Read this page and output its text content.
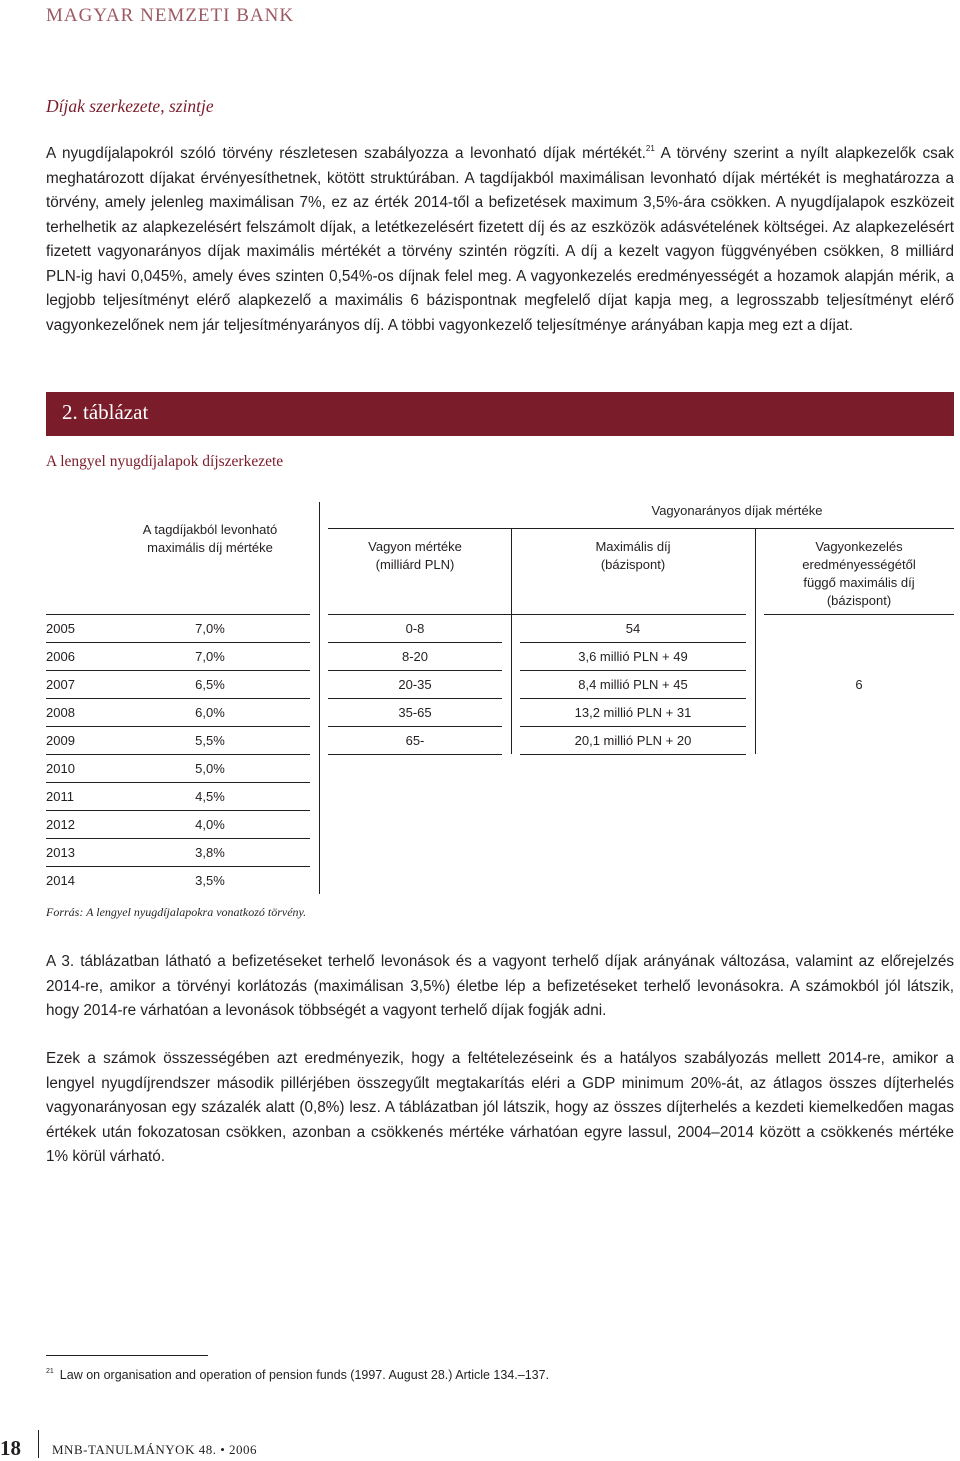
MAGYAR NEMZETI BANK
Díjak szerkezete, szintje

A nyugdíjalapokról szóló törvény részletesen szabályozza a levonható díjak mértékét.$^{21}$ A törvény szerint a nyílt alapkezelők csak meghatározott díjakat érvényesíthetnek, kötött struktúrában. A tagdíjakból maximálisan levonható díjak mértékét is meghatározza a törvény, amely jelenleg maximálisan 7%, ez az érték 2014-től a befizetések maximum 3,5%-ára csökken. A nyugdíjalapok eszközeit terhelhetik az alapkezelésért felszámolt díjak, a letétkezelésért fizetett díj és az eszközök adásvételének költségei. Az alapkezelésért fizetett vagyonarányos díjak maximális mértékét a törvény szintén rögzíti. A díj a kezelt vagyon függvényében csökken, 8 milliárd PLN-ig havi 0,045%, amely éves szinten 0,54%-os díjnak felel meg. A vagyonkezelés eredményességét a hozamok alapján mérik, a legjobb teljesítményt elérő alapkezelő a maximális 6 bázispontnak megfelelő díjat kapja meg, a legrosszabb teljesítményt elérő vagyonkezelőnek nem jár teljesítményarányos díj. A többi vagyonkezelő teljesítménye arányában kapja meg ezt a díjat.

2. táblázat
A lengyel nyugdíjalapok díjszerkezete
Vagyonarányos díjak mértéke
A tagdíjakból levonható
maximális díj mértéke	Vagyon mértéke
(milliárd PLN)
Maximális díj
(bázispont)
Vagyonkezelés
eredményességétől
függő maximális díj
(bázispont)
2005	7,0%	0-8	54
2006	7,0%	8-20	3,6 millió PLN + 49
2007	6,5%	20-35	8,4 millió PLN + 45	6
2008	6,0%	35-65	13,2 millió PLN + 31
2009	5,5%	65-	20,1 millió PLN + 20
2010	5,0%
2011	4,5%
2012	4,0%
2013	3,8%
2014	3,5%
Forrás: A lengyel nyugdíjalapokra vonatkozó törvény.

A 3. táblázatban látható a befizetéseket terhelő levonások és a vagyont terhelő díjak arányának változása, valamint az előrejelzés 2014-re, amikor a törvényi korlátozás (maximálisan 3,5%) életbe lép a befizetéseket terhelő levonásokra. A számokból jól látszik, hogy 2014-re várhatóan a levonások többségét a vagyont terhelő díjak fogják adni.

Ezek a számok összességében azt eredményezik, hogy a feltételezéseink és a hatályos szabályozás mellett 2014-re, amikor a lengyel nyugdíjrendszer második pillérjében összegyűlt megtakarítás eléri a GDP minimum 20%-át, az átlagos összes díjterhelés vagyonarányosan egy százalék alatt (0,8%) lesz. A táblázatban jól látszik, hogy az összes díjterhelés a kezdeti kiemelkedően magas értékek után fokozatosan csökken, azonban a csökkenés mértéke várhatóan egyre lassul, 2004–2014 között a csökkenés mértéke 1% körül várható.

$^{21}$ Law on organisation and operation of pension funds (1997. August 28.) Article 134.–137.
18 MNB-TANULMÁNYOK 48. • 2006
